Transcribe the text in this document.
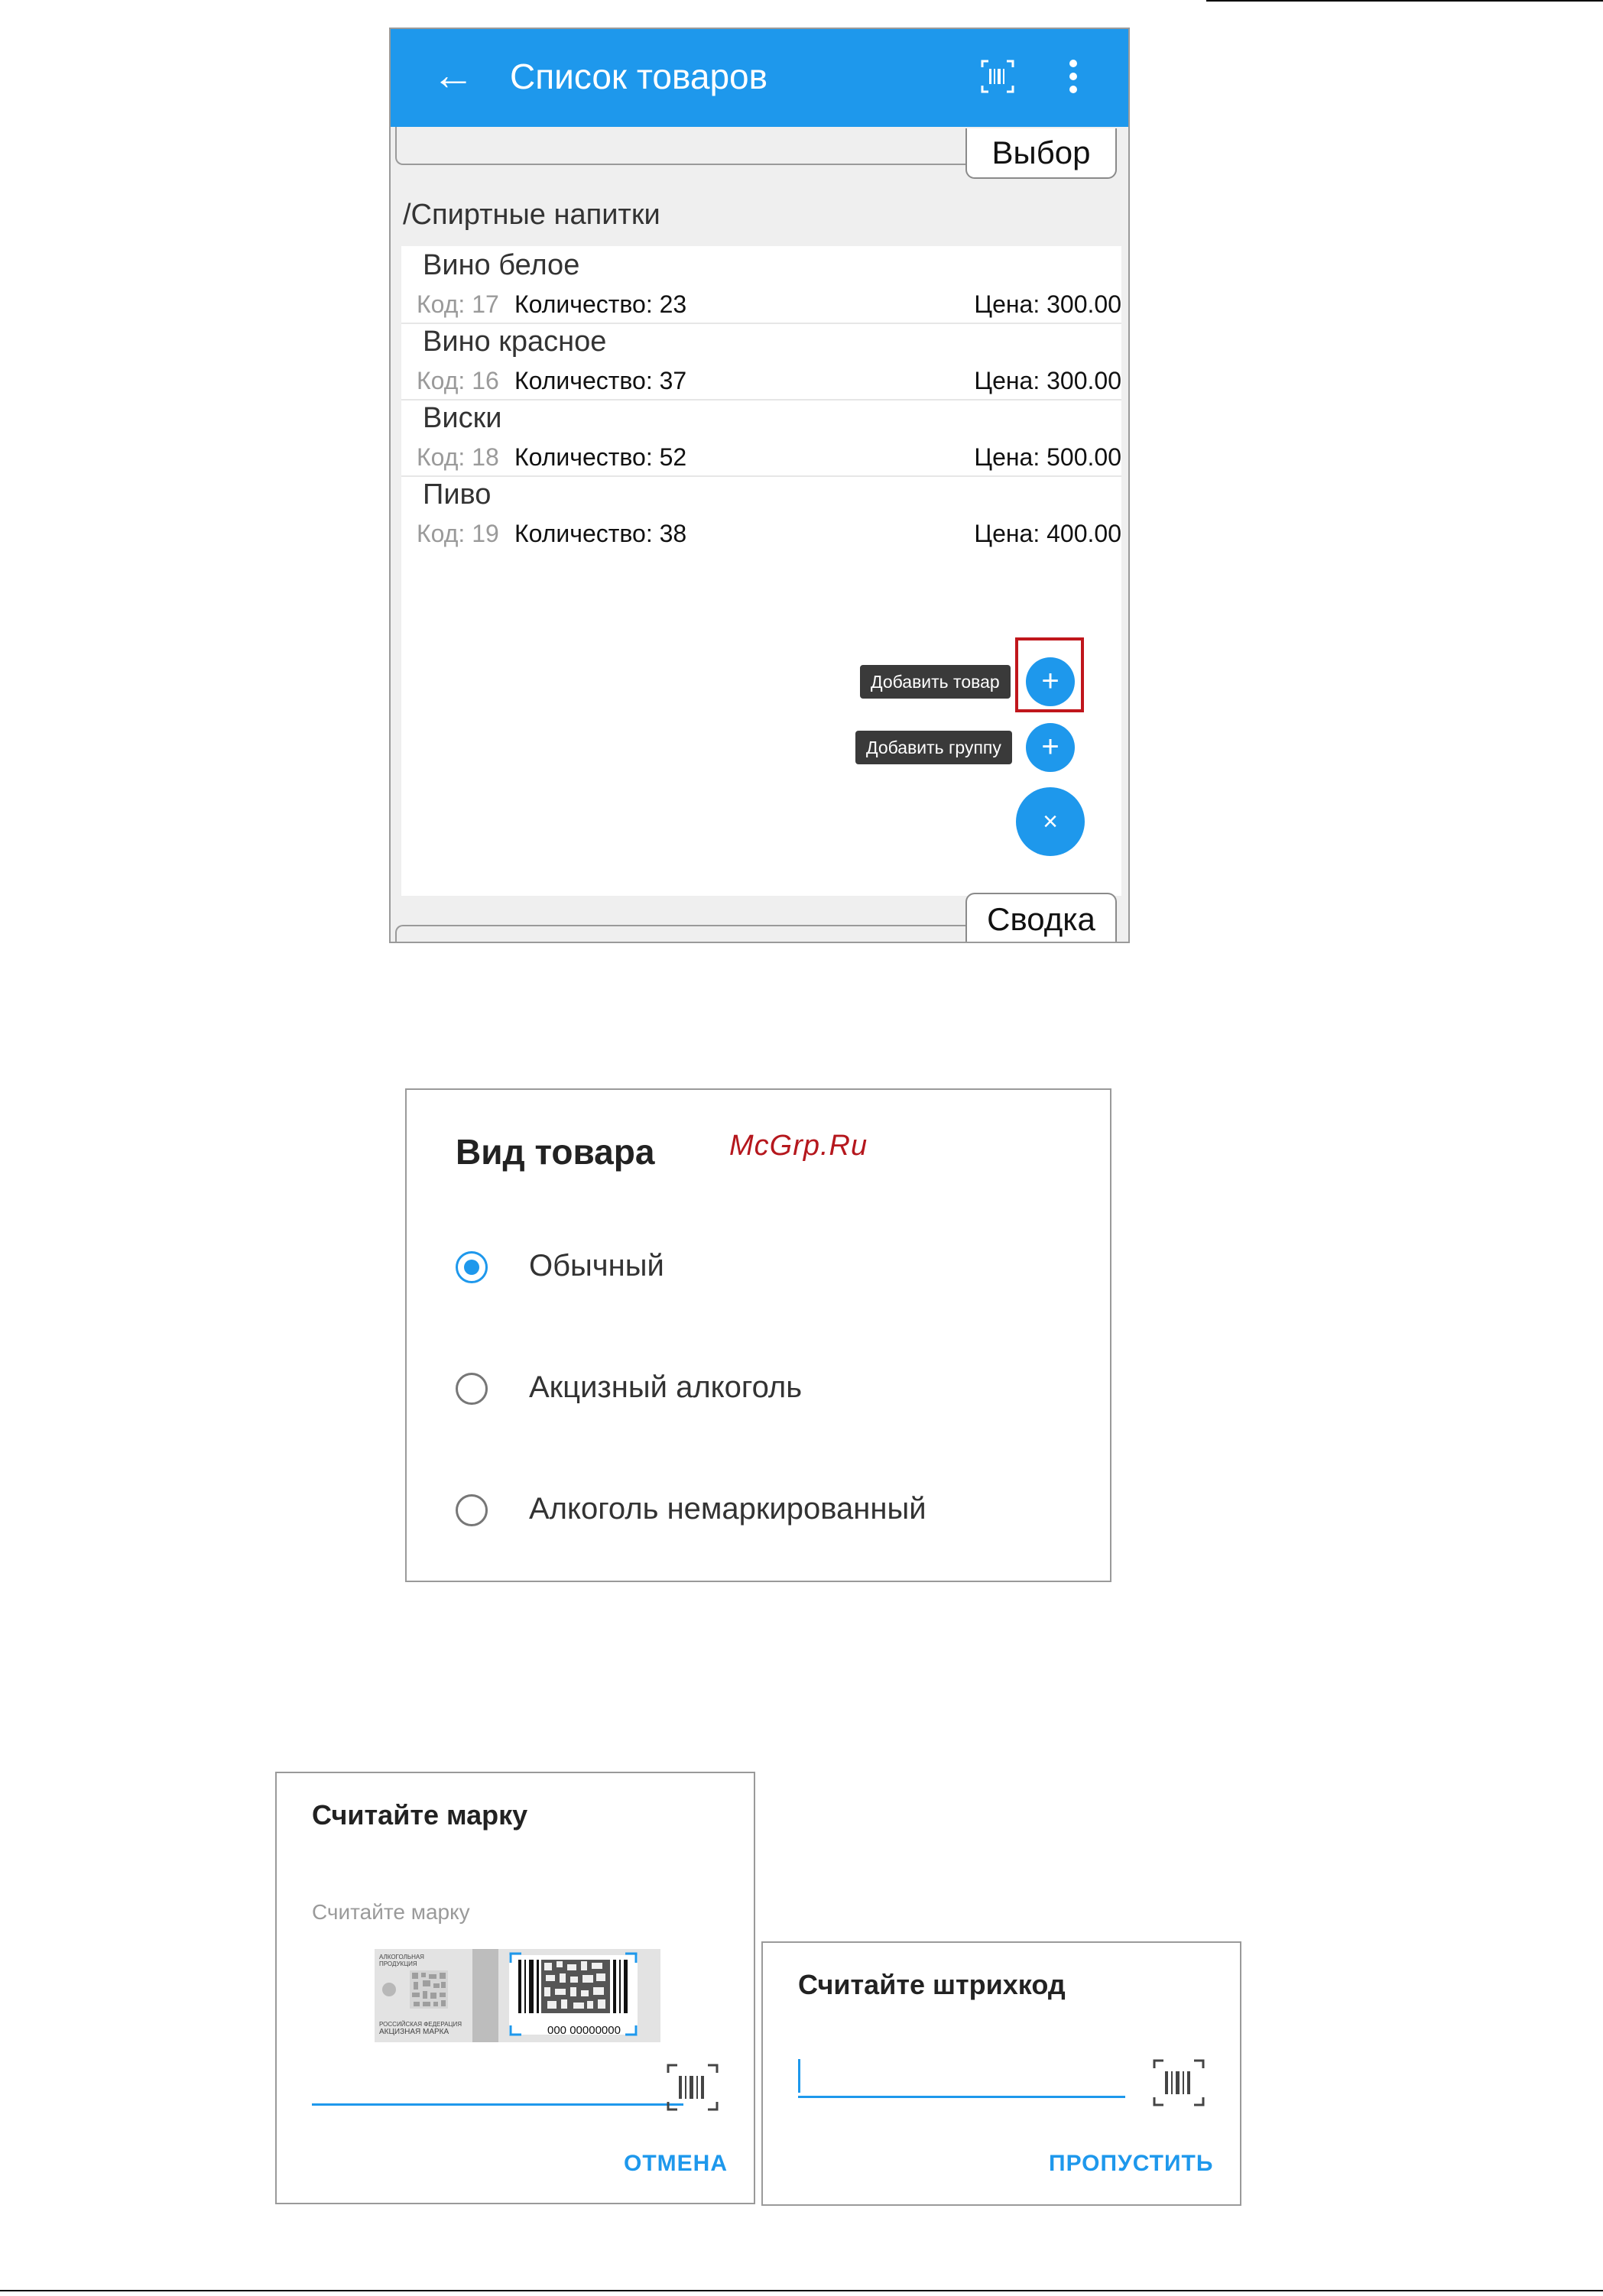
← Список товаров
Выбор
/Спиртные напитки
Вино белое
Код: 17 Количество: 23	Цена: 300.00
Вино красное
Код: 16 Количество: 37	Цена: 300.00
Виски
Код: 18 Количество: 52	Цена: 500.00
Пиво
Код: 19 Количество: 38	Цена: 400.00
Добавить товар	+
Добавить группу	+
×
Сводка
Вид товара	McGrp.Ru
Обычный
Акцизный алкоголь
Алкоголь немаркированный
Считайте марку
Считайте марку
АЛКОГОЛЬНАЯ ПРОДУКЦИЯ
РОССИЙСКАЯ ФЕДЕРАЦИЯ
АКЦИЗНАЯ МАРКА	000 00000000
ОТМЕНА
Считайте штрихкод
ПРОПУСТИТЬ
